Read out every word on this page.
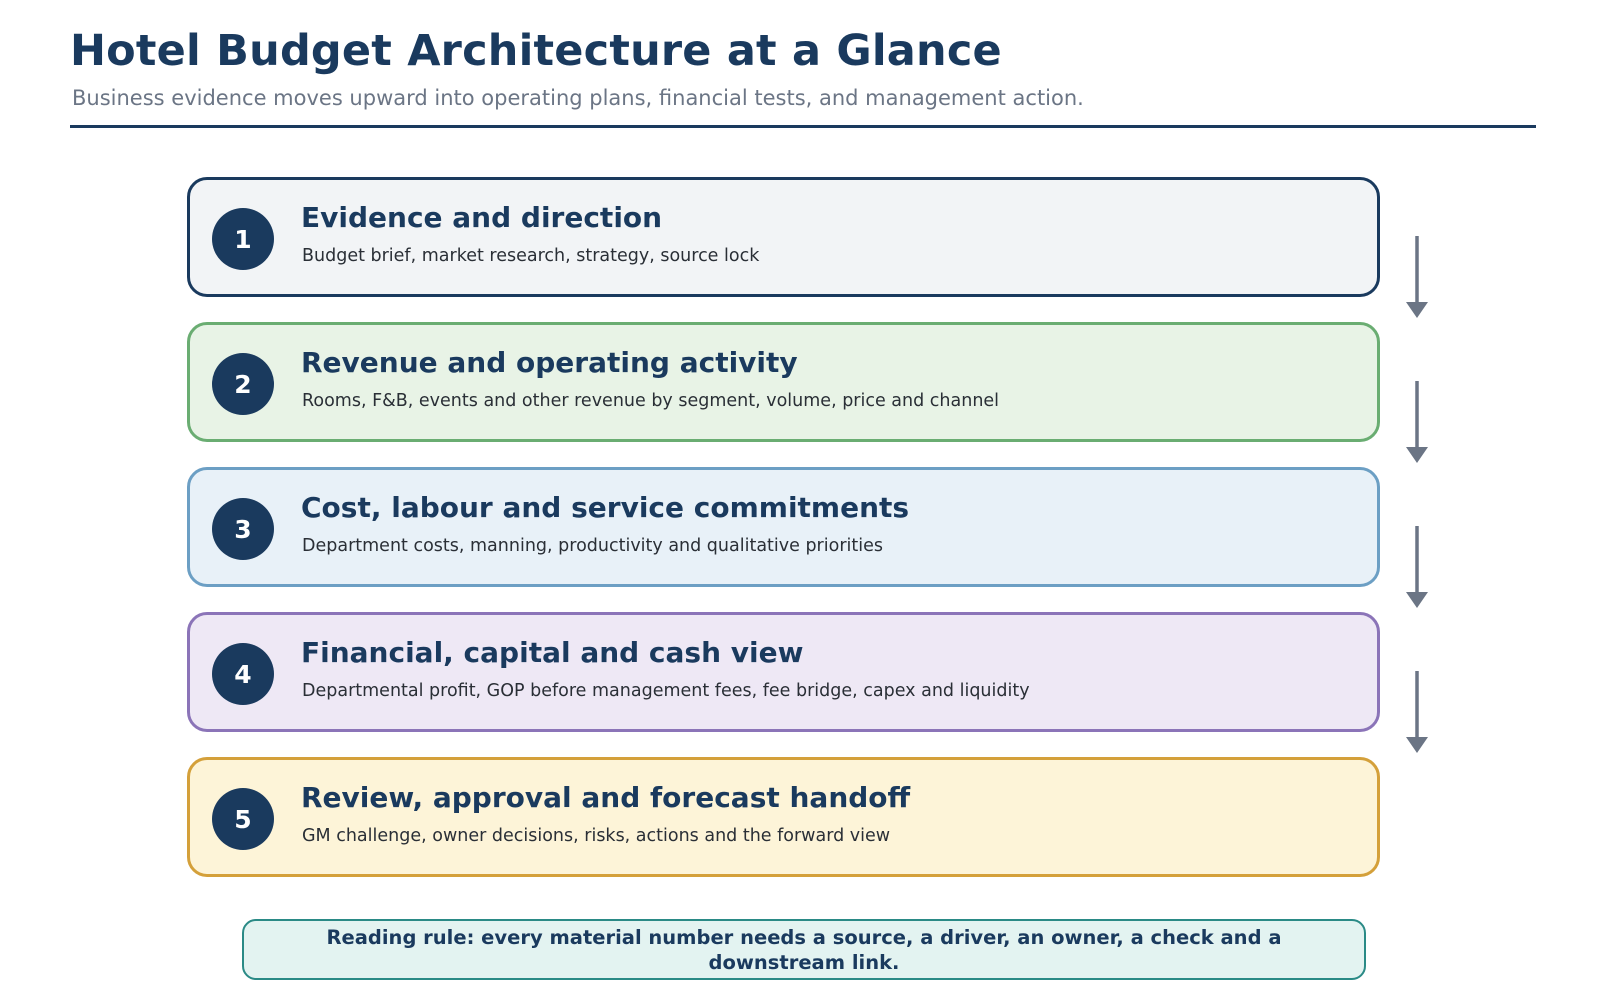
Hotel Budget Architecture at a Glance
Business evidence moves upward into operating plans, financial tests, and management action.
1
Evidence and direction
Budget brief, market research, strategy, source lock
2
Revenue and operating activity
Rooms, F&B, events and other revenue by segment, volume, price and channel
3
Cost, labour and service commitments
Department costs, manning, productivity and qualitative priorities
4
Financial, capital and cash view
Departmental profit, GOP before management fees, fee bridge, capex and liquidity
5
Review, approval and forecast handoff
GM challenge, owner decisions, risks, actions and the forward view
Reading rule: every material number needs a source, a driver, an owner, a check and a downstream link.
